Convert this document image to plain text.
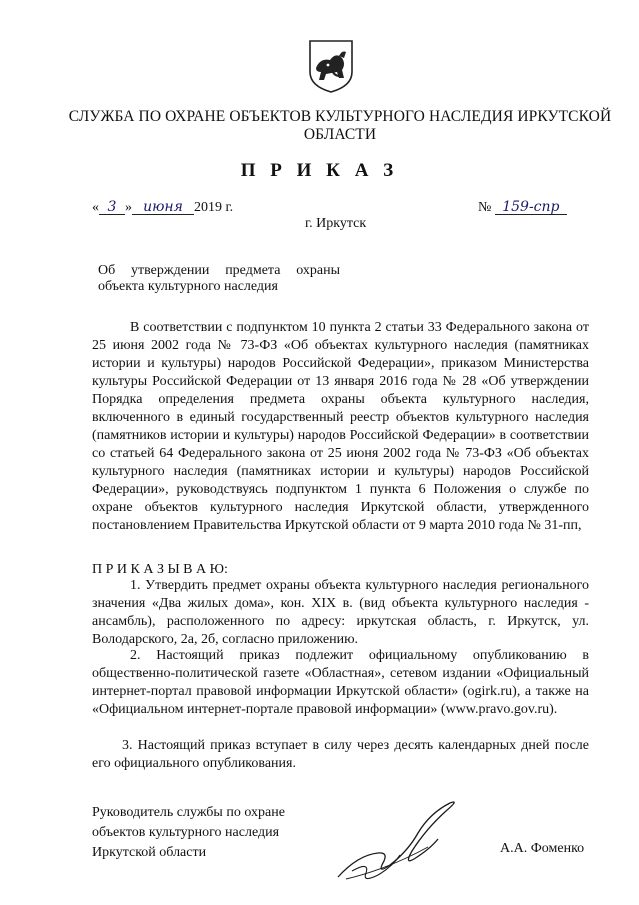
СЛУЖБА ПО ОХРАНЕ ОБЪЕКТОВ КУЛЬТУРНОГО НАСЛЕДИЯ ИРКУТСКОЙ ОБЛАСТИ
П Р И К А З
« 3 » июня 2019 г.	№ 159-спр
г. Иркутск
Об утверждении предмета охраны
объекта культурного наследия
В соответствии с подпунктом 10 пункта 2 статьи 33 Федерального закона от 25 июня 2002 года № 73-ФЗ «Об объектах культурного наследия (памятниках истории и культуры) народов Российской Федерации», приказом Министерства культуры Российской Федерации от 13 января 2016 года № 28 «Об утверждении Порядка определения предмета охраны объекта культурного наследия, включенного в единый государственный реестр объектов культурного наследия (памятников истории и культуры) народов Российской Федерации» в соответствии со статьей 64 Федерального закона от 25 июня 2002 года № 73-ФЗ «Об объектах культурного наследия (памятниках истории и культуры) народов Российской Федерации», руководствуясь подпунктом 1 пункта 6 Положения о службе по охране объектов культурного наследия Иркутской области, утвержденного постановлением Правительства Иркутской области от 9 марта 2010 года № 31-пп,
П Р И К А З Ы В А Ю:
1. Утвердить предмет охраны объекта культурного наследия регионального значения «Два жилых дома», кон. XIX в. (вид объекта культурного наследия - ансамбль), расположенного по адресу: иркутская область, г. Иркутск, ул. Володарского, 2а, 2б, согласно приложению.
2. Настоящий приказ подлежит официальному опубликованию в общественно-политической газете «Областная», сетевом издании «Официальный интернет-портал правовой информации Иркутской области» (ogirk.ru), а также на «Официальном интернет-портале правовой информации» (www.pravo.gov.ru).
3. Настоящий приказ вступает в силу через десять календарных дней после его официального опубликования.
Руководитель службы по охране
объектов культурного наследия
Иркутской области	А.А. Фоменко
